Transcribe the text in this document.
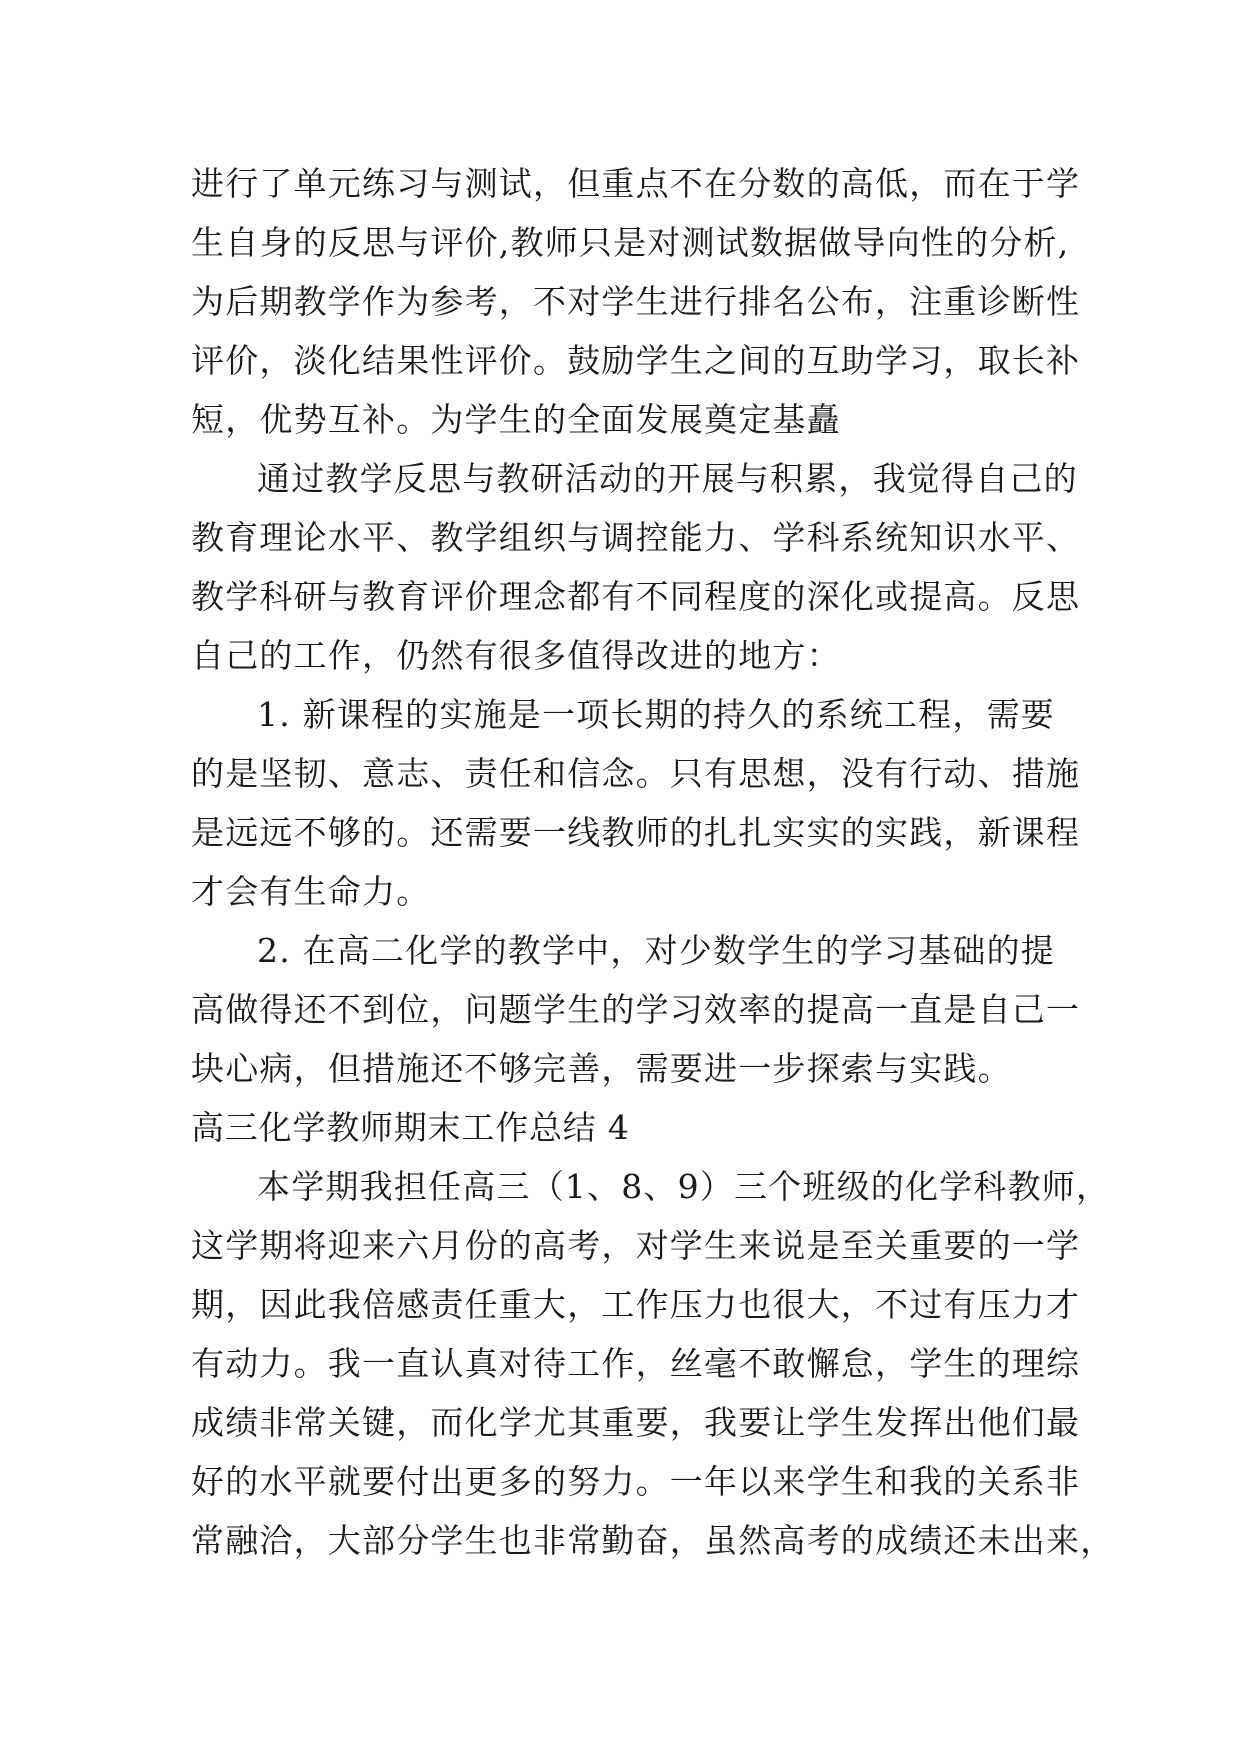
进行了单元练习与测试，但重点不在分数的高低，而在于学
生自身的反思与评价,教师只是对测试数据做导向性的分析,
为后期教学作为参考，不对学生进行排名公布，注重诊断性
评价，淡化结果性评价。鼓励学生之间的互助学习，取长补
短，优势互补。为学生的全面发展奠定基矗
通过教学反思与教研活动的开展与积累，我觉得自己的
教育理论水平、教学组织与调控能力、学科系统知识水平、
教学科研与教育评价理念都有不同程度的深化或提高。反思
自己的工作，仍然有很多值得改进的地方：
1. 新课程的实施是一项长期的持久的系统工程，需要
的是坚韧、意志、责任和信念。只有思想，没有行动、措施
是远远不够的。还需要一线教师的扎扎实实的实践，新课程
才会有生命力。
2. 在高二化学的教学中，对少数学生的学习基础的提
高做得还不到位，问题学生的学习效率的提高一直是自己一
块心病，但措施还不够完善，需要进一步探索与实践。
高三化学教师期末工作总结 4
本学期我担任高三（1、8、9）三个班级的化学科教师，
这学期将迎来六月份的高考，对学生来说是至关重要的一学
期，因此我倍感责任重大，工作压力也很大，不过有压力才
有动力。我一直认真对待工作，丝毫不敢懈怠，学生的理综
成绩非常关键，而化学尤其重要，我要让学生发挥出他们最
好的水平就要付出更多的努力。一年以来学生和我的关系非
常融洽，大部分学生也非常勤奋，虽然高考的成绩还未出来，
